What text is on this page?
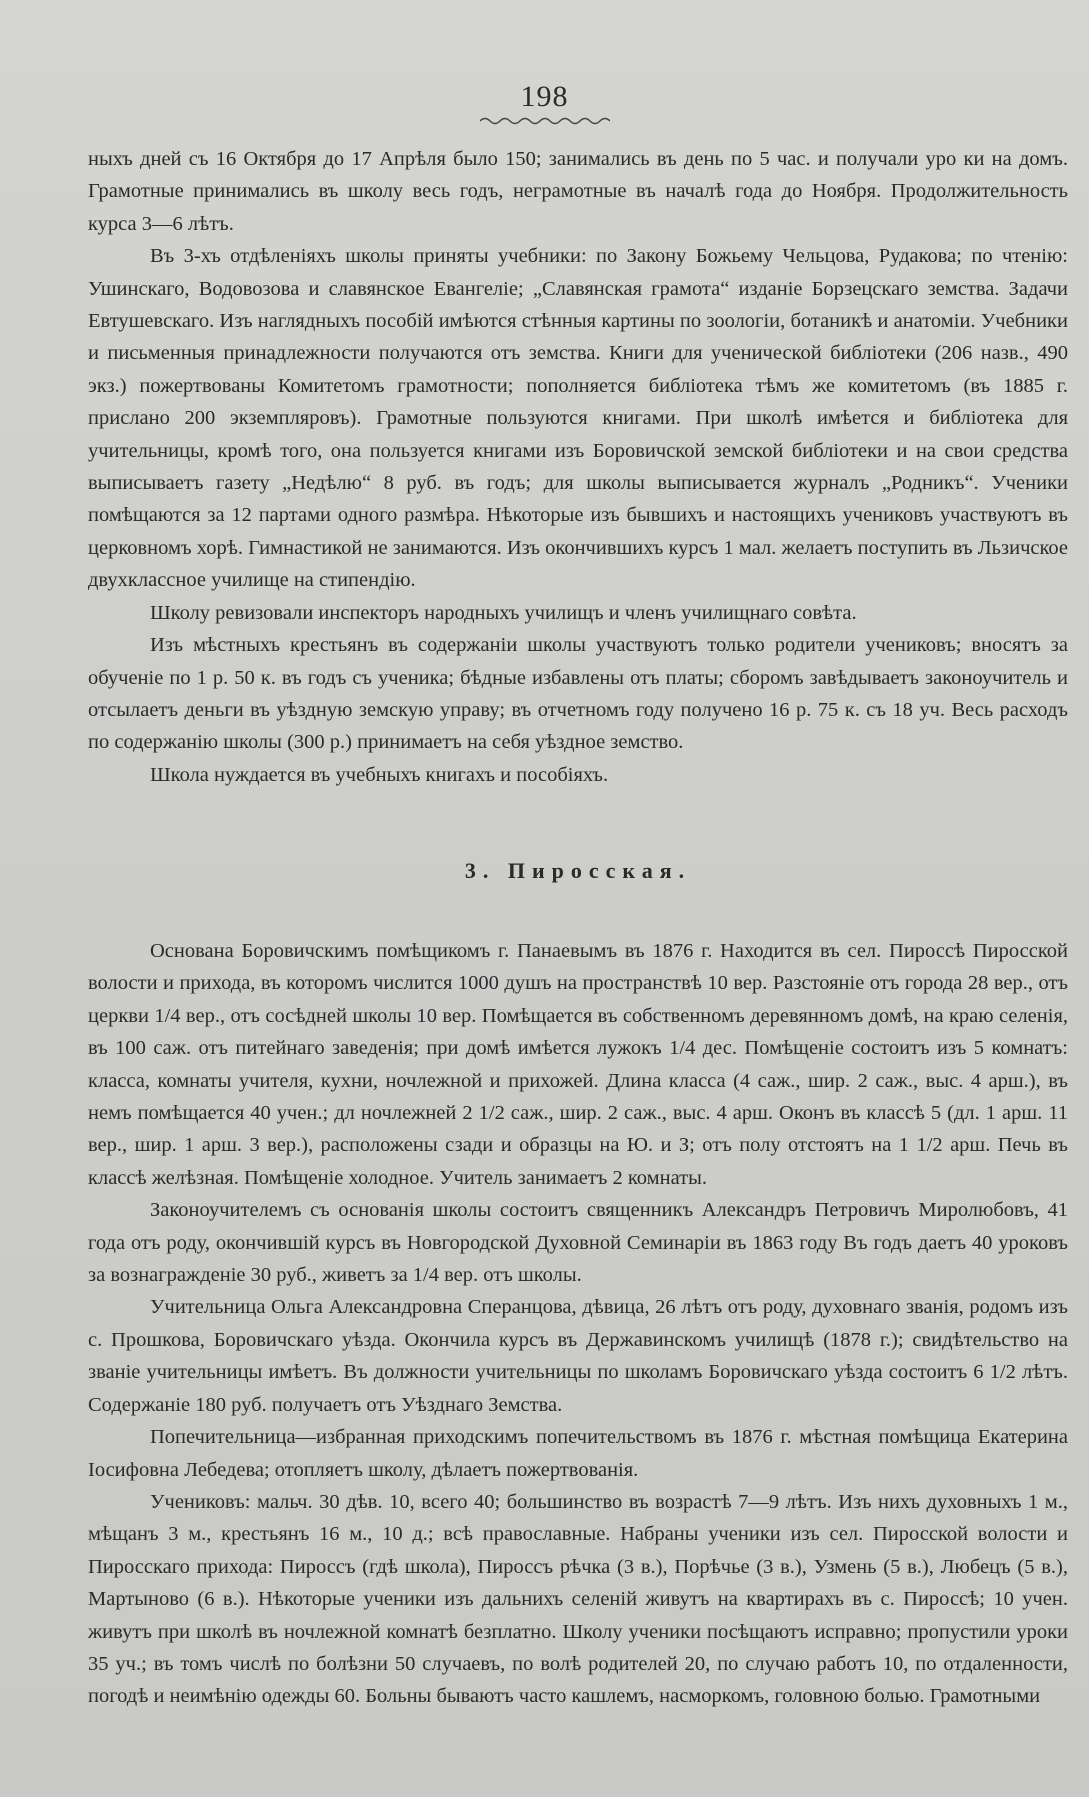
198

ныхъ дней съ 16 Октября до 17 Апрѣля было 150; занимались въ день по 5 час. и получали уро ки на домъ. Грамотные принимались въ школу весь годъ, неграмотные въ началѣ года до Ноября. Продолжительность курса 3—6 лѣтъ.

Въ 3-хъ отдѣленiяхъ школы приняты учебники: по Закону Божьему Чельцова, Рудакова; по чтенiю: Ушинскаго, Водовозова и славянское Евангелiе; „Славянская грамота“ изданiе Борзецскаго земства. Задачи Евтушевскаго. Изъ наглядныхъ пособiй имѣются стѣнныя картины по зоологiи, ботаникѣ и анатомiи. Учебники и письменныя принадлежности получаются отъ земства. Книги для ученической библiотеки (206 назв., 490 экз.) пожертвованы Комитетомъ грамотности; пополняется библiотека тѣмъ же комитетомъ (въ 1885 г. прислано 200 экземпляровъ). Грамотные пользуются книгами. При школѣ имѣется и библiотека для учительницы, кромѣ того, она пользуется книгами изъ Боровичской земской библiотеки и на свои средства выписываетъ газету „Недѣлю“ 8 руб. въ годъ; для школы выписывается журналъ „Родникъ“. Ученики помѣщаются за 12 партами одного размѣра. Нѣкоторые изъ бывшихъ и настоящихъ учениковъ участвуютъ въ церковномъ хорѣ. Гимнастикой не занимаются. Изъ окончившихъ курсъ 1 мал. желаетъ поступить въ Льзичское двухклассное училище на стипендiю.

Школу ревизовали инспекторъ народныхъ училищъ и членъ училищнаго совѣта.

Изъ мѣстныхъ крестьянъ въ содержанiи школы участвуютъ только родители учениковъ; вносятъ за обученiе по 1 р. 50 к. въ годъ съ ученика; бѣдные избавлены отъ платы; сборомъ завѣдываетъ законоучитель и отсылаетъ деньги въ уѣздную земскую управу; въ отчетномъ году получено 16 р. 75 к. съ 18 уч. Весь расходъ по содержанiю школы (300 р.) принимаетъ на себя уѣздное земство.

Школа нуждается въ учебныхъ книгахъ и пособiяхъ.

3. Пиросская.

Основана Боровичскимъ помѣщикомъ г. Панаевымъ въ 1876 г. Находится въ сел. Пироссѣ Пиросской волости и прихода, въ которомъ числится 1000 душъ на пространствѣ 10 вер. Разстоянiе отъ города 28 вер., отъ церкви 1/4 вер., отъ сосѣдней школы 10 вер. Помѣщается въ собственномъ деревянномъ домѣ, на краю селенiя, въ 100 саж. отъ питейнаго заведенiя; при домѣ имѣется лужокъ 1/4 дес. Помѣщенiе состоитъ изъ 5 комнатъ: класса, комнаты учителя, кухни, ночлежной и прихожей. Длина класса (4 саж., шир. 2 саж., выс. 4 арш.), въ немъ помѣщается 40 учен.; дл ночлежней 2 1/2 саж., шир. 2 саж., выс. 4 арш. Оконъ въ классѣ 5 (дл. 1 арш. 11 вер., шир. 1 арш. 3 вер.), расположены сзади и образцы на Ю. и З; отъ полу отстоятъ на 1 1/2 арш. Печь въ классѣ желѣзная. Помѣщенiе холодное. Учитель занимаетъ 2 комнаты.

Законоучителемъ съ основанiя школы состоитъ священникъ Александръ Петровичъ Миролюбовъ, 41 года отъ роду, окончившiй курсъ въ Новгородской Духовной Семинарiи въ 1863 году Въ годъ даетъ 40 уроковъ за вознагражденiе 30 руб., живетъ за 1/4 вер. отъ школы.

Учительница Ольга Александровна Сперанцова, дѣвица, 26 лѣтъ отъ роду, духовнаго званiя, родомъ изъ с. Прошкова, Боровичскаго уѣзда. Окончила курсъ въ Державинскомъ училищѣ (1878 г.); свидѣтельство на званiе учительницы имѣетъ. Въ должности учительницы по школамъ Боровичскаго уѣзда состоитъ 6 1/2 лѣтъ. Содержанiе 180 руб. получаетъ отъ Уѣзднаго Земства.

Попечительница—избранная приходскимъ попечительствомъ въ 1876 г. мѣстная помѣщица Екатерина Iосифовна Лебедева; отопляетъ школу, дѣлаетъ пожертвованiя.

Учениковъ: мальч. 30 дѣв. 10, всего 40; большинство въ возрастѣ 7—9 лѣтъ. Изъ нихъ духовныхъ 1 м., мѣщанъ 3 м., крестьянъ 16 м., 10 д.; всѣ православные. Набраны ученики изъ сел. Пиросской волости и Пиросскаго прихода: Пироссъ (гдѣ школа), Пироссъ рѣчка (3 в.), Порѣчье (3 в.), Узмень (5 в.), Любецъ (5 в.), Мартыново (6 в.). Нѣкоторые ученики изъ дальнихъ селенiй живутъ на квартирахъ въ с. Пироссѣ; 10 учен. живутъ при школѣ въ ночлежной комнатѣ безплатно. Школу ученики посѣщаютъ исправно; пропустили уроки 35 уч.; въ томъ числѣ по болѣзни 50 случаевъ, по волѣ родителей 20, по случаю работъ 10, по отдаленности, погодѣ и неимѣнiю одежды 60. Больны бываютъ часто кашлемъ, насморкомъ, головною болью. Грамотными
